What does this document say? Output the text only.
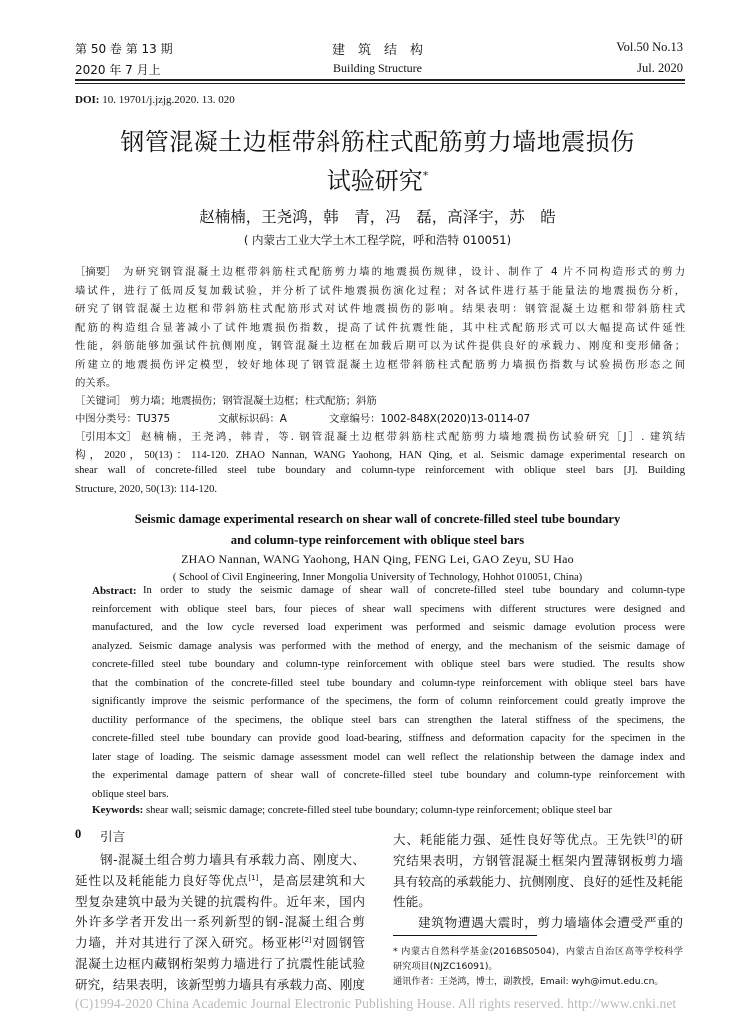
第 50 卷 第 13 期
2020 年 7 月上
建　筑　结　构
Building Structure
Vol.50 No.13
Jul. 2020
DOI: 10. 19701/j.jzjg.2020. 13. 020
钢管混凝土边框带斜筋柱式配筋剪力墙地震损伤
试验研究*
赵楠楠，王尧鸿，韩　青，冯　磊，高泽宇，苏　皓
( 内蒙古工业大学土木工程学院，呼和浩特 010051)
［摘要］ 为研究钢管混凝土边框带斜筋柱式配筋剪力墙的地震损伤规律，设计、制作了 4 片不同构造形式的剪力
墙试件，进行了低周反复加载试验，并分析了试件地震损伤演化过程；对各试件进行基于能量法的地震损伤分析，
研究了钢管混凝土边框和带斜筋柱式配筋形式对试件地震损伤的影响。结果表明：钢管混凝土边框和带斜筋柱式
配筋的构造组合显著减小了试件地震损伤指数，提高了试件抗震性能，其中柱式配筋形式可以大幅提高试件延性
性能，斜筋能够加强试件抗侧刚度，钢管混凝土边框在加载后期可以为试件提供良好的承载力、刚度和变形储备；
所建立的地震损伤评定模型，较好地体现了钢管混凝土边框带斜筋柱式配筋剪力墙损伤指数与试验损伤形态之间
的关系。
［关键词］ 剪力墙；地震损伤；钢管混凝土边框；柱式配筋；斜筋
中图分类号：TU375	文献标识码：A	文章编号：1002-848X(2020)13-0114-07
［引用本文］ 赵楠楠，王尧鸿，韩青，等. 钢管混凝土边框带斜筋柱式配筋剪力墙地震损伤试验研究［J］. 建筑结
构，2020，50(13)：114-120. ZHAO Nannan, WANG Yaohong, HAN Qing, et al. Seismic damage experimental research on
shear wall of concrete-filled steel tube boundary and column-type reinforcement with oblique steel bars [J]. Building
Structure, 2020, 50(13): 114-120.
Seismic damage experimental research on shear wall of concrete-filled steel tube boundary
and column-type reinforcement with oblique steel bars
ZHAO Nannan, WANG Yaohong, HAN Qing, FENG Lei, GAO Zeyu, SU Hao
( School of Civil Engineering, Inner Mongolia University of Technology, Hohhot 010051, China)
Abstract: In order to study the seismic damage of shear wall of concrete-filled steel tube boundary and column-type
reinforcement with oblique steel bars, four pieces of shear wall specimens with different structures were designed and
manufactured, and the low cycle reversed load experiment was performed and seismic damage evolution process were
analyzed. Seismic damage analysis was performed with the method of energy, and the mechanism of the seismic damage of
concrete-filled steel tube boundary and column-type reinforcement with oblique steel bars were studied. The results show
that the combination of the concrete-filled steel tube boundary and column-type reinforcement with oblique steel bars have
significantly improve the seismic performance of the specimens, the form of column reinforcement could greatly improve the
ductility performance of the specimens, the oblique steel bars can strengthen the lateral stiffness of the specimens, the
concrete-filled steel tube boundary can provide good load-bearing, stiffness and deformation capacity for the specimen in the
later stage of loading. The seismic damage assessment model can well reflect the relationship between the damage index and
the experimental damage pattern of shear wall of concrete-filled steel tube boundary and column-type reinforcement with
oblique steel bars.
Keywords: shear wall; seismic damage; concrete-filled steel tube boundary; column-type reinforcement; oblique steel bar
0 引言
钢-混凝土组合剪力墙具有承载力高、刚度大、
延性以及耗能能力良好等优点[1]，是高层建筑和大
型复杂建筑中最为关键的抗震构件。近年来，国内
外许多学者开发出一系列新型的钢-混凝土组合剪
力墙，并对其进行了深入研究。杨亚彬[2]对圆钢管
混凝土边框内藏钢桁架剪力墙进行了抗震性能试验
研究，结果表明，该新型剪力墙具有承载力高、刚度
大、耗能能力强、延性良好等优点。王先铁[3]的研
究结果表明，方钢管混凝土框架内置薄钢板剪力墙
具有较高的承载能力、抗侧刚度、良好的延性及耗能
性能。
建筑物遭遇大震时，剪力墙墙体会遭受严重的
* 内蒙古自然科学基金(2016BS0504)，内蒙古自治区高等学校科学
研究项目(NJZC16091)。
通讯作者：王尧鸿，博士，副教授，Email: wyh@imut.edu.cn。
(C)1994-2020 China Academic Journal Electronic Publishing House. All rights reserved. http://www.cnki.net
